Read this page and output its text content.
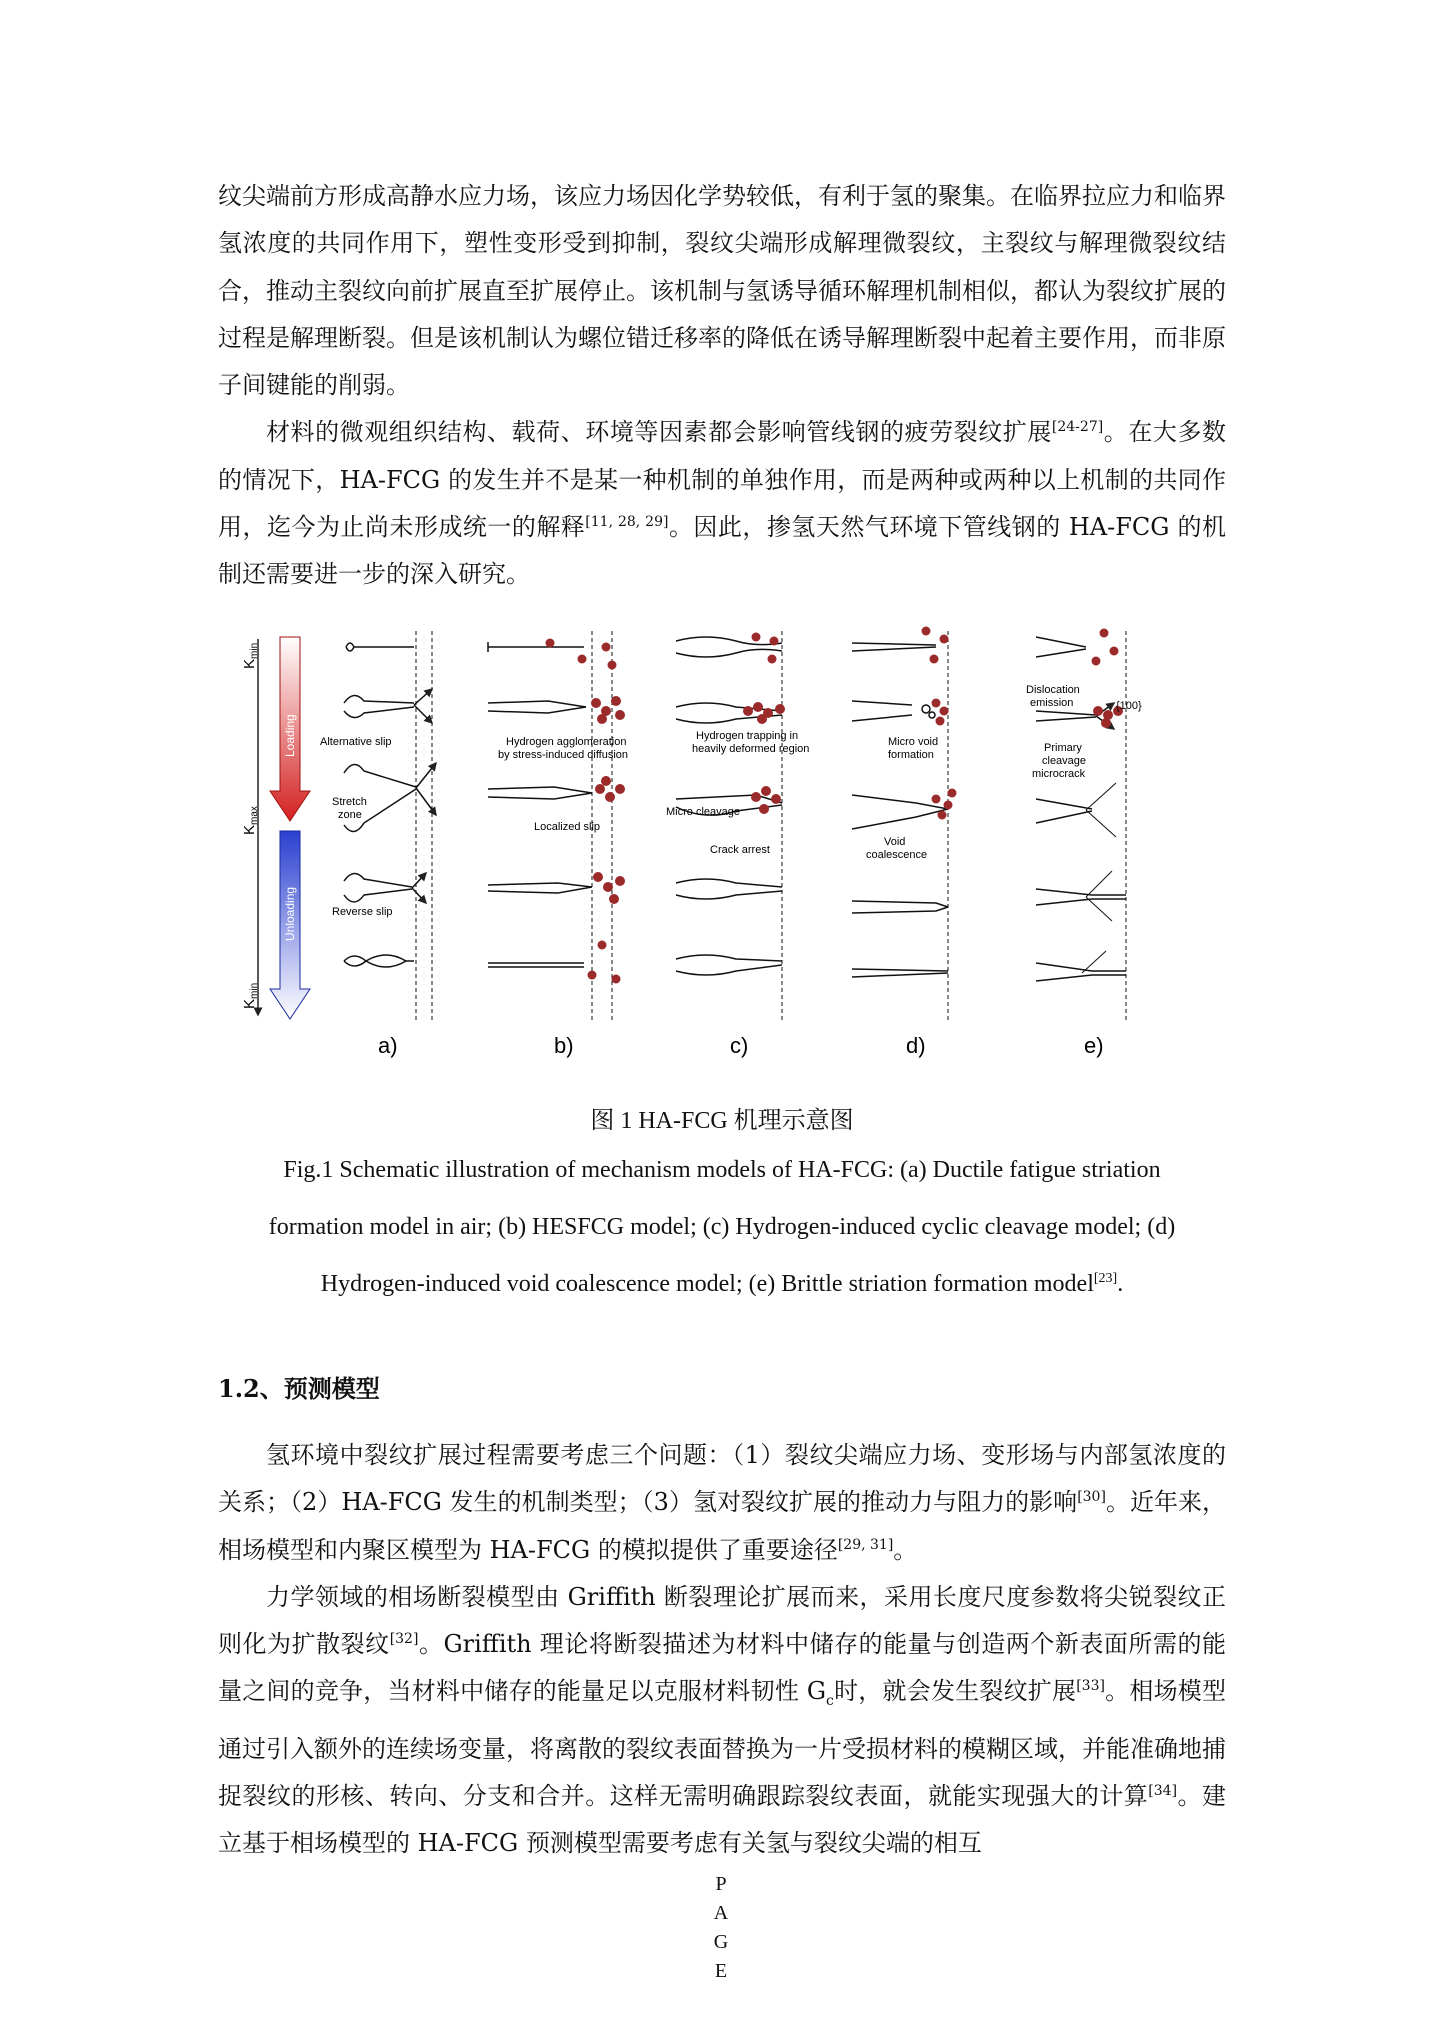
纹尖端前方形成高静水应力场，该应力场因化学势较低，有利于氢的聚集。在临界拉应力和临界氢浓度的共同作用下，塑性变形受到抑制，裂纹尖端形成解理微裂纹，主裂纹与解理微裂纹结合，推动主裂纹向前扩展直至扩展停止。该机制与氢诱导循环解理机制相似，都认为裂纹扩展的过程是解理断裂。但是该机制认为螺位错迁移率的降低在诱导解理断裂中起着主要作用，而非原子间键能的削弱。

材料的微观组织结构、载荷、环境等因素都会影响管线钢的疲劳裂纹扩展[24-27]。在大多数的情况下，HA-FCG 的发生并不是某一种机制的单独作用，而是两种或两种以上机制的共同作用，迄今为止尚未形成统一的解释[11, 28, 29]。因此，掺氢天然气环境下管线钢的 HA-FCG 的机制还需要进一步的深入研究。

$K_{min}$
$K_{max}$
$K_{min}$
Loading
Unloading
Alternative slip
Stretch
zone
Reverse slip
Hydrogen agglomeration
by stress-induced diffusion
Localized slip
Hydrogen trapping in
heavily deformed region
Micro cleavage
Crack arrest
Micro void
formation
Void
coalescence
Dislocation
emission	{100}
Primary
cleavage
microcrack
a)	b)	c)	d)	e)
图 1 HA-FCG 机理示意图
Fig.1 Schematic illustration of mechanism models of HA-FCG: (a) Ductile fatigue striation
formation model in air; (b) HESFCG model; (c) Hydrogen-induced cyclic cleavage model; (d)
Hydrogen-induced void coalescence model; (e) Brittle striation formation model[23].
1.2、预测模型

氢环境中裂纹扩展过程需要考虑三个问题：（1）裂纹尖端应力场、变形场与内部氢浓度的关系；（2）HA-FCG 发生的机制类型；（3）氢对裂纹扩展的推动力与阻力的影响[30]。近年来，相场模型和内聚区模型为 HA-FCG 的模拟提供了重要途径[29, 31]。

力学领域的相场断裂模型由 Griffith 断裂理论扩展而来，采用长度尺度参数将尖锐裂纹正则化为扩散裂纹[32]。Griffith 理论将断裂描述为材料中储存的能量与创造两个新表面所需的能量之间的竞争，当材料中储存的能量足以克服材料韧性 $G_c$时，就会发生裂纹扩展[33]。相场模型通过引入额外的连续场变量，将离散的裂纹表面替换为一片受损材料的模糊区域，并能准确地捕捉裂纹的形核、转向、分支和合并。这样无需明确跟踪裂纹表面，就能实现强大的计算[34]。建立基于相场模型的 HA-FCG 预测模型需要考虑有关氢与裂纹尖端的相互

P
A
G
E
